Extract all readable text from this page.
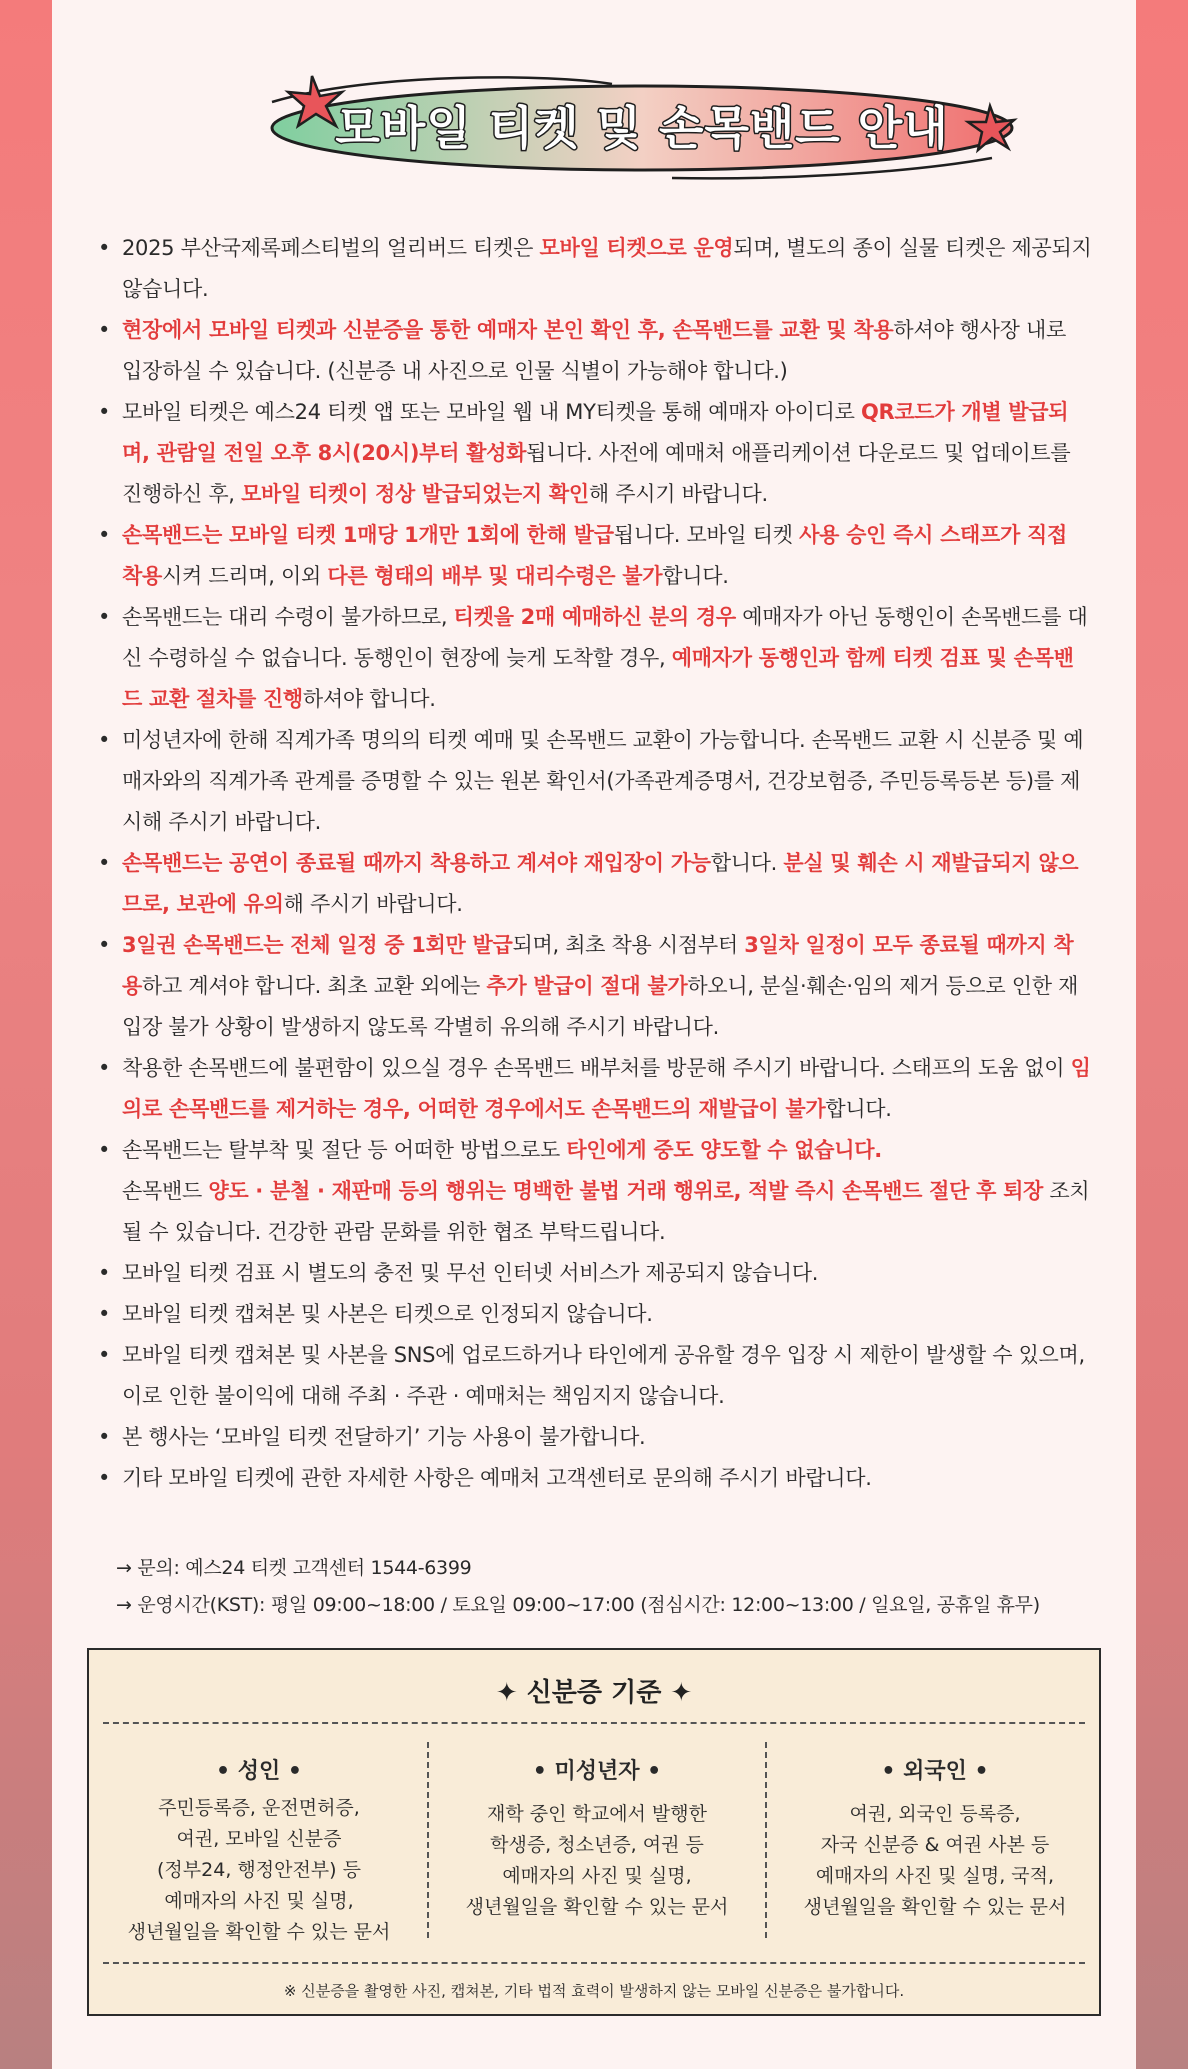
모바일 티켓 및 손목밴드 안내
• 2025 부산국제록페스티벌의 얼리버드 티켓은 모바일 티켓으로 운영되며, 별도의 종이 실물 티켓은 제공되지 않습니다.
• 현장에서 모바일 티켓과 신분증을 통한 예매자 본인 확인 후, 손목밴드를 교환 및 착용하셔야 행사장 내로 입장하실 수 있습니다. (신분증 내 사진으로 인물 식별이 가능해야 합니다.)
• 모바일 티켓은 예스24 티켓 앱 또는 모바일 웹 내 MY티켓을 통해 예매자 아이디로 QR코드가 개별 발급되며, 관람일 전일 오후 8시(20시)부터 활성화됩니다. 사전에 예매처 애플리케이션 다운로드 및 업데이트를 진행하신 후, 모바일 티켓이 정상 발급되었는지 확인해 주시기 바랍니다.
• 손목밴드는 모바일 티켓 1매당 1개만 1회에 한해 발급됩니다. 모바일 티켓 사용 승인 즉시 스태프가 직접 착용시켜 드리며, 이외 다른 형태의 배부 및 대리수령은 불가합니다.
• 손목밴드는 대리 수령이 불가하므로, 티켓을 2매 예매하신 분의 경우 예매자가 아닌 동행인이 손목밴드를 대신 수령하실 수 없습니다. 동행인이 현장에 늦게 도착할 경우, 예매자가 동행인과 함께 티켓 검표 및 손목밴드 교환 절차를 진행하셔야 합니다.
• 미성년자에 한해 직계가족 명의의 티켓 예매 및 손목밴드 교환이 가능합니다. 손목밴드 교환 시 신분증 및 예매자와의 직계가족 관계를 증명할 수 있는 원본 확인서(가족관계증명서, 건강보험증, 주민등록등본 등)를 제시해 주시기 바랍니다.
• 손목밴드는 공연이 종료될 때까지 착용하고 계셔야 재입장이 가능합니다. 분실 및 훼손 시 재발급되지 않으므로, 보관에 유의해 주시기 바랍니다.
• 3일권 손목밴드는 전체 일정 중 1회만 발급되며, 최초 착용 시점부터 3일차 일정이 모두 종료될 때까지 착용하고 계셔야 합니다. 최초 교환 외에는 추가 발급이 절대 불가하오니, 분실·훼손·임의 제거 등으로 인한 재입장 불가 상황이 발생하지 않도록 각별히 유의해 주시기 바랍니다.
• 착용한 손목밴드에 불편함이 있으실 경우 손목밴드 배부처를 방문해 주시기 바랍니다. 스태프의 도움 없이 임의로 손목밴드를 제거하는 경우, 어떠한 경우에서도 손목밴드의 재발급이 불가합니다.
• 손목밴드는 탈부착 및 절단 등 어떠한 방법으로도 타인에게 중도 양도할 수 없습니다.
손목밴드 양도 · 분철 · 재판매 등의 행위는 명백한 불법 거래 행위로, 적발 즉시 손목밴드 절단 후 퇴장 조치될 수 있습니다. 건강한 관람 문화를 위한 협조 부탁드립니다.
• 모바일 티켓 검표 시 별도의 충전 및 무선 인터넷 서비스가 제공되지 않습니다.
• 모바일 티켓 캡쳐본 및 사본은 티켓으로 인정되지 않습니다.
• 모바일 티켓 캡쳐본 및 사본을 SNS에 업로드하거나 타인에게 공유할 경우 입장 시 제한이 발생할 수 있으며, 이로 인한 불이익에 대해 주최 · 주관 · 예매처는 책임지지 않습니다.
• 본 행사는 ‘모바일 티켓 전달하기’ 기능 사용이 불가합니다.
• 기타 모바일 티켓에 관한 자세한 사항은 예매처 고객센터로 문의해 주시기 바랍니다.
→ 문의: 예스24 티켓 고객센터 1544-6399
→ 운영시간(KST): 평일 09:00~18:00 / 토요일 09:00~17:00 (점심시간: 12:00~13:00 / 일요일, 공휴일 휴무)
✦ 신분증 기준 ✦
• 성인 •
주민등록증, 운전면허증,
여권, 모바일 신분증
(정부24, 행정안전부) 등
예매자의 사진 및 실명,
생년월일을 확인할 수 있는 문서
• 미성년자 •
재학 중인 학교에서 발행한
학생증, 청소년증, 여권 등
예매자의 사진 및 실명,
생년월일을 확인할 수 있는 문서
• 외국인 •
여권, 외국인 등록증,
자국 신분증 & 여권 사본 등
예매자의 사진 및 실명, 국적,
생년월일을 확인할 수 있는 문서
※ 신분증을 촬영한 사진, 캡쳐본, 기타 법적 효력이 발생하지 않는 모바일 신분증은 불가합니다.
